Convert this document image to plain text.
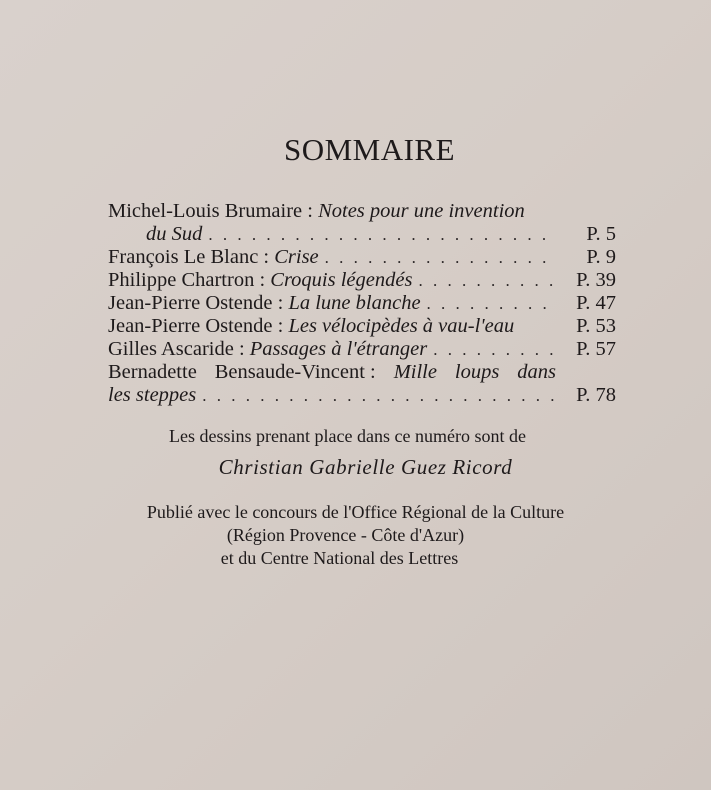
SOMMAIRE
Michel-Louis Brumaire : Notes pour une invention
du Sud . . .	P. 5
François Le Blanc : Crise . . .	P. 9
Philippe Chartron : Croquis légendés . . .	P. 39
Jean-Pierre Ostende : La lune blanche . . .	P. 47
Jean-Pierre Ostende : Les vélocipèdes à vau-l'eau	P. 53
Gilles Ascaride : Passages à l'étranger . . .	P. 57
Bernadette Bensaude-Vincent : Mille loups dans
les steppes . . .	P. 78
Les dessins prenant place dans ce numéro sont de
Christian Gabrielle Guez Ricord
Publié avec le concours de l'Office Régional de la Culture
(Région Provence - Côte d'Azur)
et du Centre National des Lettres
